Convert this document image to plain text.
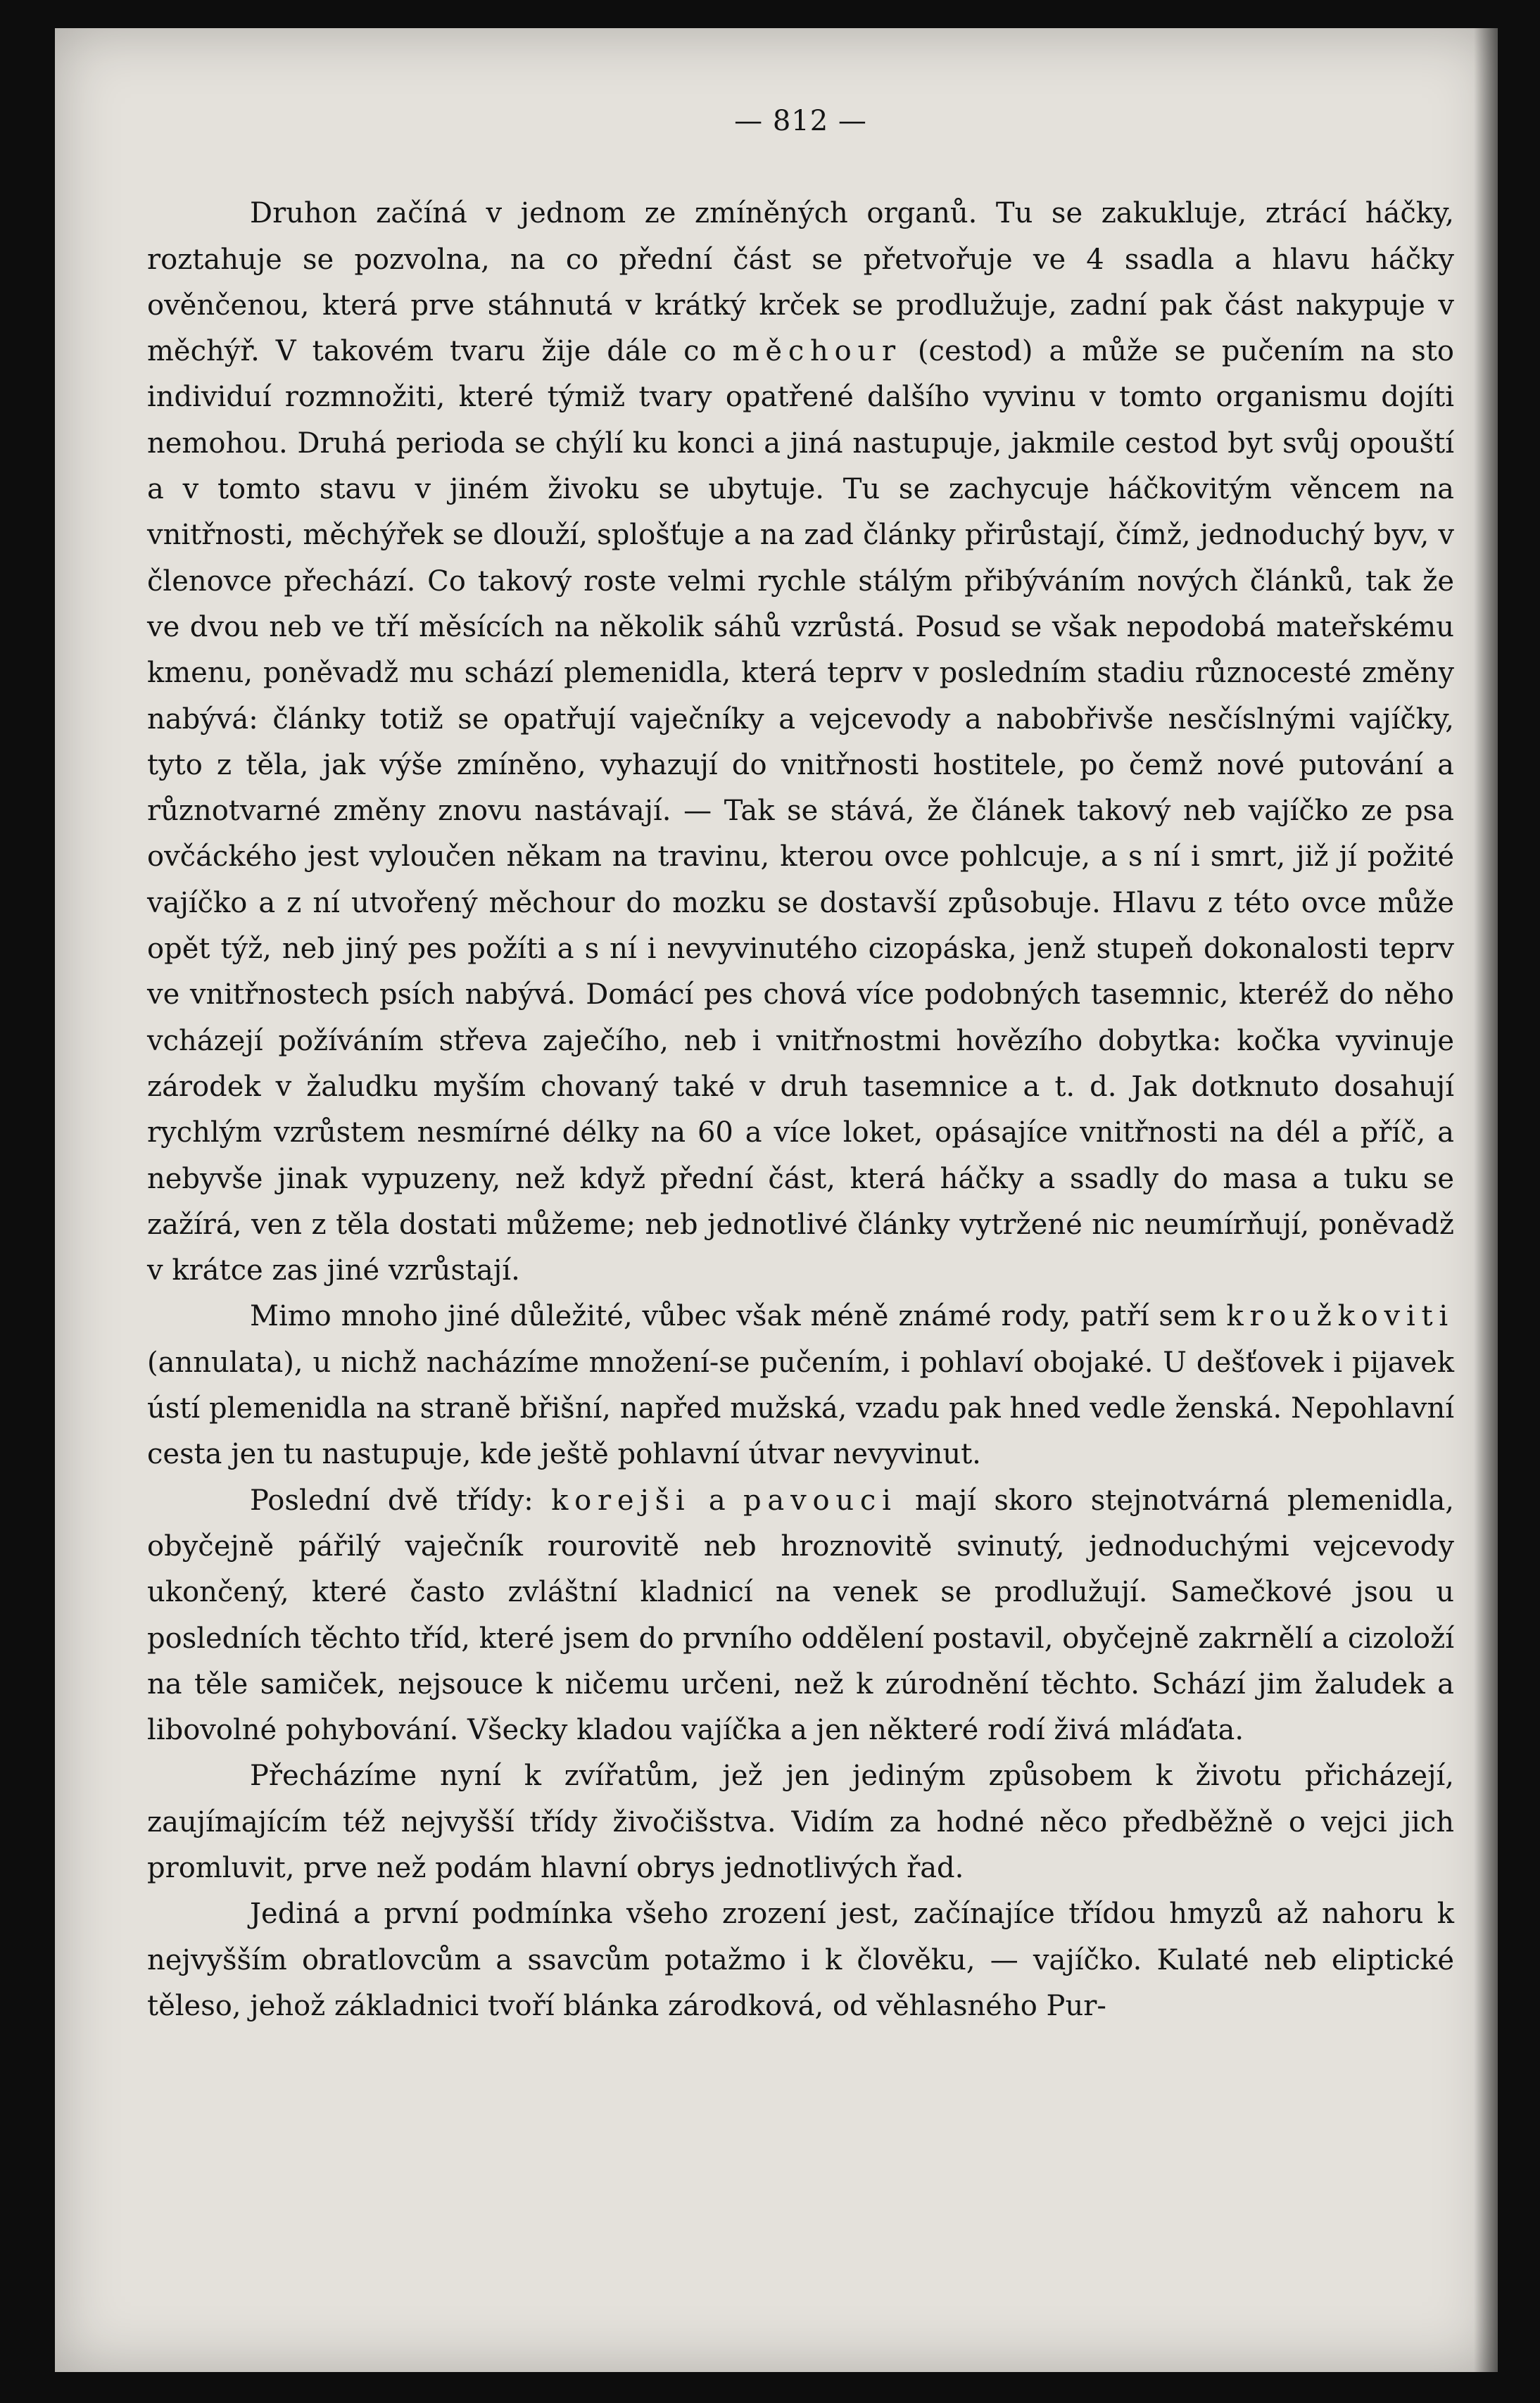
— 812 —

Druhon začíná v jednom ze zmíněných organů. Tu se zakukluje, ztrácí háčky, roztahuje se pozvolna, na co přední část se přetvořuje ve 4 ssadla a hlavu háčky ověnčenou, která prve stáhnutá v krátký krček se prodlužuje, zadní pak část nakypuje v měchýř. V takovém tvaru žije dále co měchour (cestod) a může se pučením na sto individuí rozmnožiti, které týmiž tvary opatřené dalšího vyvinu v tomto organismu dojíti nemohou. Druhá perioda se chýlí ku konci a jiná nastupuje, jakmile cestod byt svůj opouští a v tomto stavu v jiném živoku se ubytuje. Tu se zachycuje háčkovitým věncem na vnitřnosti, měchýřek se dlouží, splošťuje a na zad články přirůstají, čímž, jednoduchý byv, v členovce přechází. Co takový roste velmi rychle stálým přibýváním nových článků, tak že ve dvou neb ve tří měsících na několik sáhů vzrůstá. Posud se však nepodobá mateřskému kmenu, poněvadž mu schází plemenidla, která teprv v posledním stadiu různocesté změny nabývá: články totiž se opatřují vaječníky a vejcevody a nabobřivše nesčíslnými vajíčky, tyto z těla, jak výše zmíněno, vyhazují do vnitřnosti hostitele, po čemž nové putování a různotvarné změny znovu nastávají. — Tak se stává, že článek takový neb vajíčko ze psa ovčáckého jest vyloučen někam na travinu, kterou ovce pohlcuje, a s ní i smrt, již jí požité vajíčko a z ní utvořený měchour do mozku se dostavší způsobuje. Hlavu z této ovce může opět týž, neb jiný pes požíti a s ní i nevyvinutého cizopáska, jenž stupeň dokonalosti teprv ve vnitřnostech psích nabývá. Domácí pes chová více podobných tasemnic, kteréž do něho vcházejí požíváním střeva zaječího, neb i vnitřnostmi hovězího dobytka: kočka vyvinuje zárodek v žaludku myším chovaný také v druh tasemnice a t. d. Jak dotknuto dosahují rychlým vzrůstem nesmírné délky na 60 a více loket, opásajíce vnitřnosti na dél a příč, a nebyvše jinak vypuzeny, než když přední část, která háčky a ssadly do masa a tuku se zažírá, ven z těla dostati můžeme; neb jednotlivé články vytržené nic neumírňují, poněvadž v krátce zas jiné vzrůstají.

Mimo mnoho jiné důležité, vůbec však méně známé rody, patří sem kroužkoviti (annulata), u nichž nacházíme množení-se pučením, i pohlaví obojaké. U dešťovek i pijavek ústí plemenidla na straně břišní, napřed mužská, vzadu pak hned vedle ženská. Nepohlavní cesta jen tu nastupuje, kde ještě pohlavní útvar nevyvinut.

Poslední dvě třídy: korejši a pavouci mají skoro stejnotvárná plemenidla, obyčejně pářilý vaječník rourovitě neb hroznovitě svinutý, jednoduchými vejcevody ukončený, které často zvláštní kladnicí na venek se prodlužují. Samečkové jsou u posledních těchto tříd, které jsem do prvního oddělení postavil, obyčejně zakrnělí a cizoloží na těle samiček, nejsouce k ničemu určeni, než k zúrodnění těchto. Schází jim žaludek a libovolné pohybování. Všecky kladou vajíčka a jen některé rodí živá mláďata.

Přecházíme nyní k zvířatům, jež jen jediným způsobem k životu přicházejí, zaujímajícím též nejvyšší třídy živočišstva. Vidím za hodné něco předběžně o vejci jich promluvit, prve než podám hlavní obrys jednotlivých řad.

Jediná a první podmínka všeho zrození jest, začínajíce třídou hmyzů až nahoru k nejvyšším obratlovcům a ssavcům potažmo i k člověku, — vajíčko. Kulaté neb eliptické těleso, jehož základnici tvoří blánka zárodková, od věhlasného Pur-
